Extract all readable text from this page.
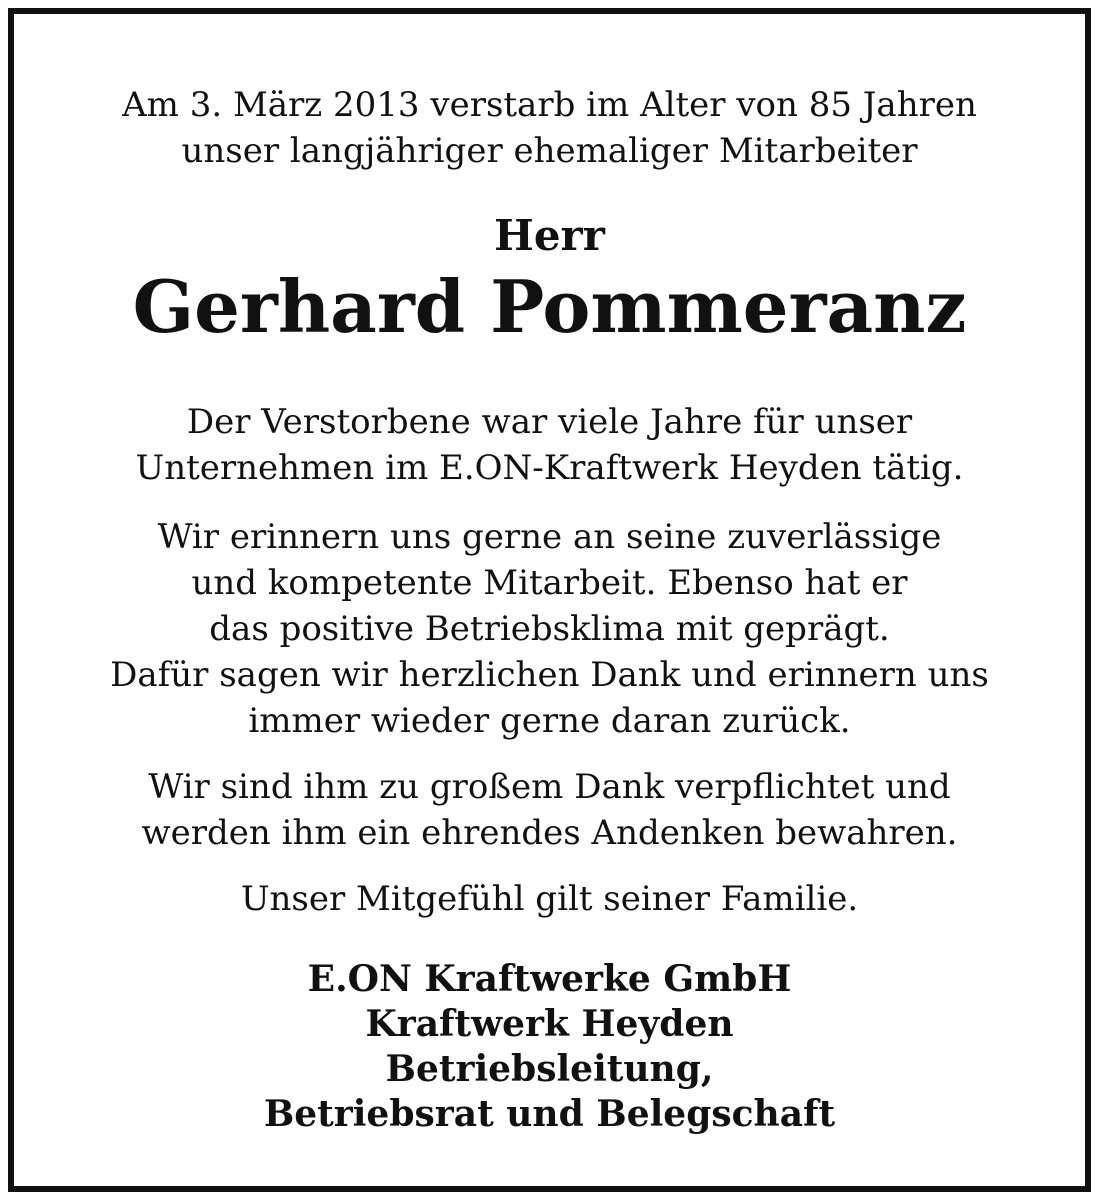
Am 3. März 2013 verstarb im Alter von 85 Jahren
unser langjähriger ehemaliger Mitarbeiter
Herr
Gerhard Pommeranz
Der Verstorbene war viele Jahre für unser
Unternehmen im E.ON-Kraftwerk Heyden tätig.
Wir erinnern uns gerne an seine zuverlässige
und kompetente Mitarbeit. Ebenso hat er
das positive Betriebsklima mit geprägt.
Dafür sagen wir herzlichen Dank und erinnern uns
immer wieder gerne daran zurück.
Wir sind ihm zu großem Dank verpflichtet und
werden ihm ein ehrendes Andenken bewahren.
Unser Mitgefühl gilt seiner Familie.
E.ON Kraftwerke GmbH
Kraftwerk Heyden
Betriebsleitung,
Betriebsrat und Belegschaft
